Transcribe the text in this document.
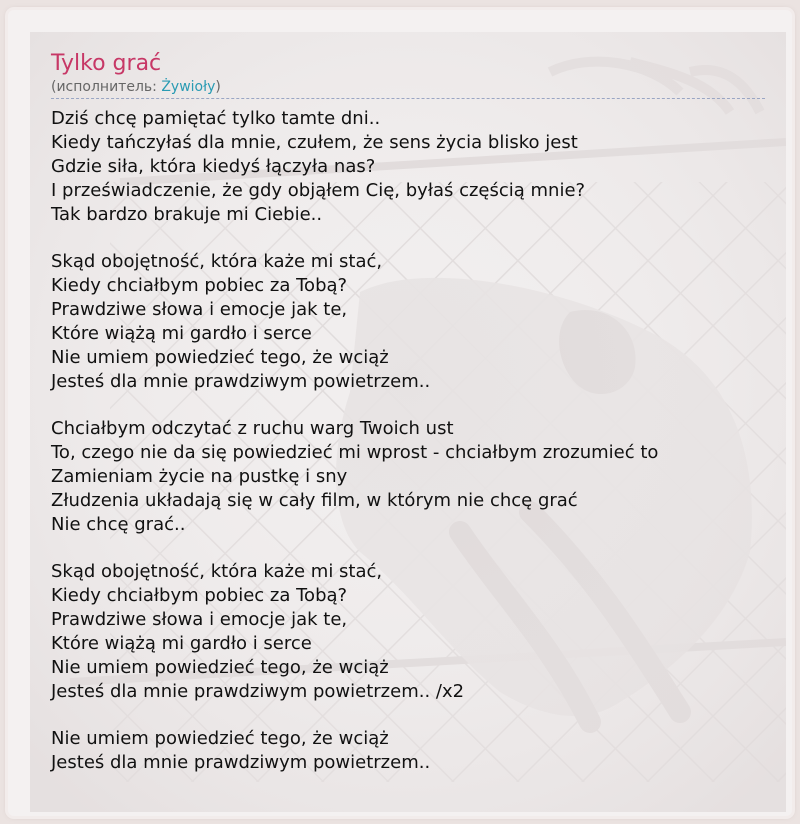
Tylko grać
(исполнитель: Żywioły)
Dziś chcę pamiętać tylko tamte dni..
Kiedy tańczyłaś dla mnie, czułem, że sens życia blisko jest
Gdzie siła, która kiedyś łączyła nas?
I przeświadczenie, że gdy objąłem Cię, byłaś częścią mnie?
Tak bardzo brakuje mi Ciebie..
Skąd obojętność, która każe mi stać,
Kiedy chciałbym pobiec za Tobą?
Prawdziwe słowa i emocje jak te,
Które wiążą mi gardło i serce
Nie umiem powiedzieć tego, że wciąż
Jesteś dla mnie prawdziwym powietrzem..
Chciałbym odczytać z ruchu warg Twoich ust
To, czego nie da się powiedzieć mi wprost - chciałbym zrozumieć to
Zamieniam życie na pustkę i sny
Złudzenia układają się w cały film, w którym nie chcę grać
Nie chcę grać..
Skąd obojętność, która każe mi stać,
Kiedy chciałbym pobiec za Tobą?
Prawdziwe słowa i emocje jak te,
Które wiążą mi gardło i serce
Nie umiem powiedzieć tego, że wciąż
Jesteś dla mnie prawdziwym powietrzem.. /x2
Nie umiem powiedzieć tego, że wciąż
Jesteś dla mnie prawdziwym powietrzem..
